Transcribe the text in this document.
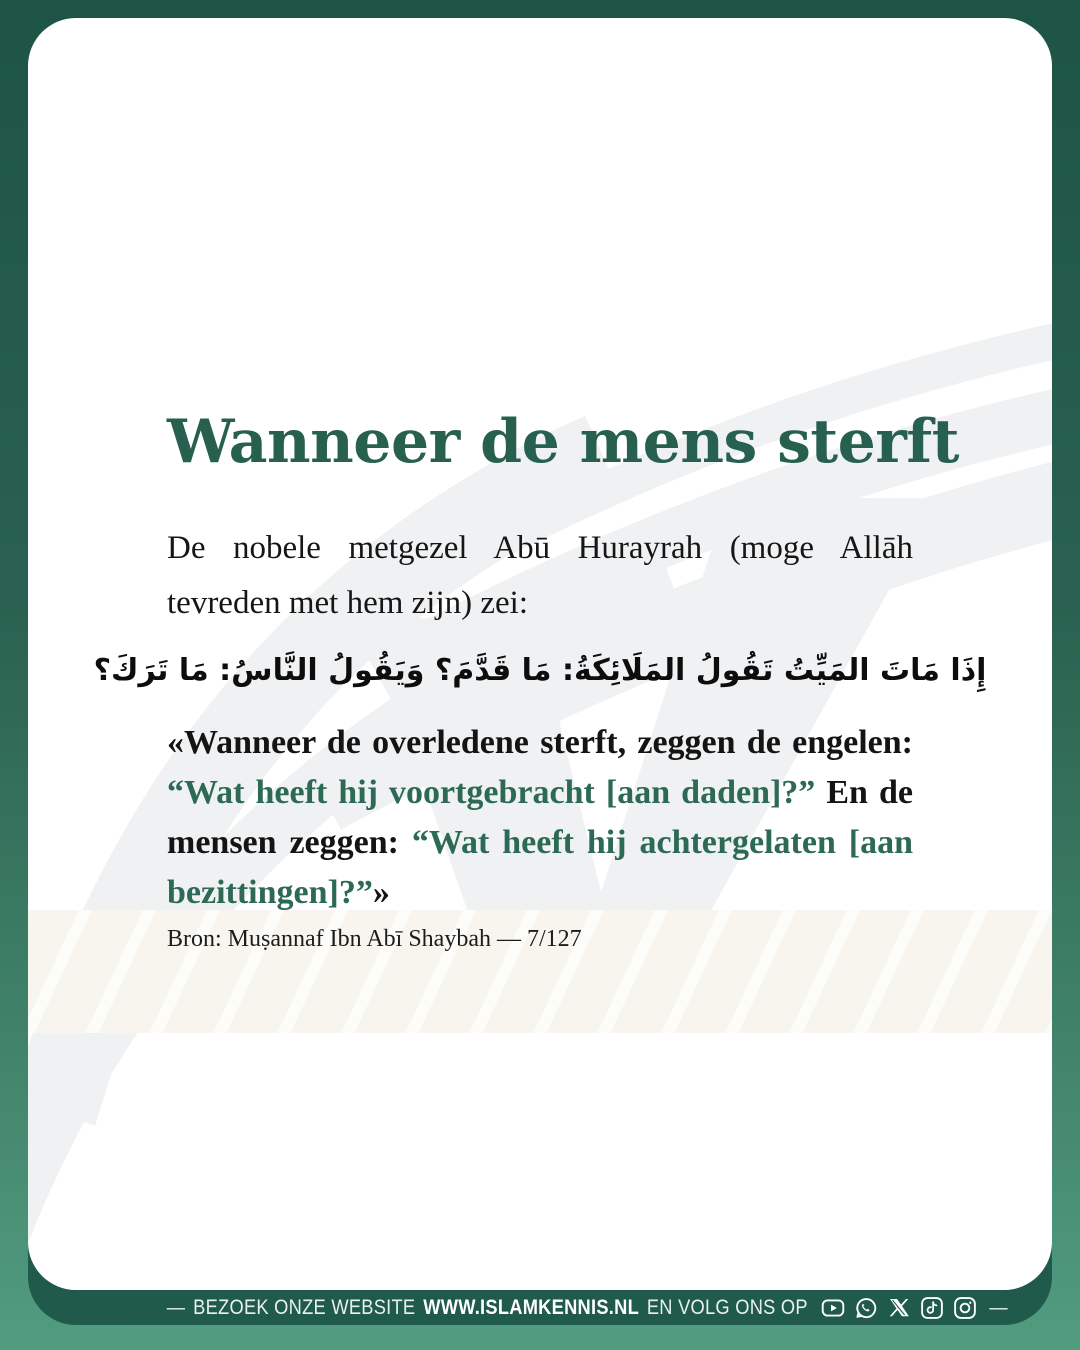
Wanneer de mens sterft

De nobele metgezel Abū Hurayrah (moge Allāh tevreden met hem zijn) zei:

إِذَا مَاتَ المَيِّتُ تَقُولُ المَلَائِكَةُ: مَا قَدَّمَ؟ وَيَقُولُ النَّاسُ: مَا تَرَكَ؟

«Wanneer de overledene sterft, zeggen de engelen: “Wat heeft hij voortgebracht [aan daden]?” En de mensen zeggen: “Wat heeft hij achtergelaten [aan bezittingen]?”»

Bron: Muṣannaf Ibn Abī Shaybah — 7/127

— BEZOEK ONZE WEBSITE WWW.ISLAMKENNIS.NL EN VOLG ONS OP	—
